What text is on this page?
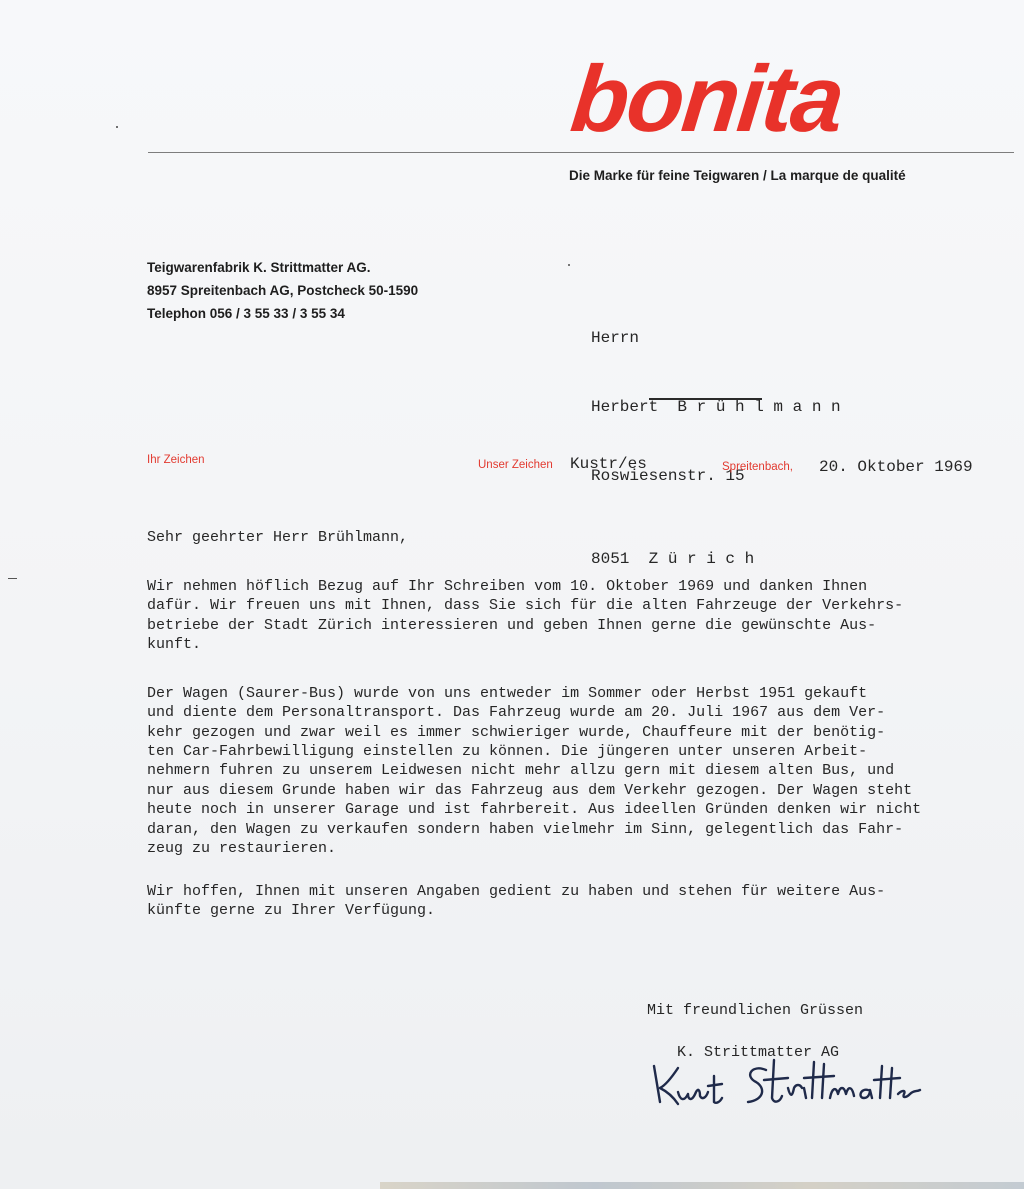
bonita
Die Marke für feine Teigwaren / La marque de qualité
Teigwarenfabrik K. Strittmatter AG.
8957 Spreitenbach AG, Postcheck 50-1590
Telephon 056 / 3 55 33 / 3 55 34

Herrn

Herbert  B r ü h l m a n n

Roswiesenstr. 15

8051  Z ü r i c h

Ihr Zeichen	Unser Zeichen Kustr/es	Spreitenbach, 20. Oktober 1969

Sehr geehrter Herr Brühlmann,

Wir nehmen höflich Bezug auf Ihr Schreiben vom 10. Oktober 1969 und danken Ihnen

dafür. Wir freuen uns mit Ihnen, dass Sie sich für die alten Fahrzeuge der Verkehrs-

betriebe der Stadt Zürich interessieren und geben Ihnen gerne die gewünschte Aus-

kunft.

Der Wagen (Saurer-Bus) wurde von uns entweder im Sommer oder Herbst 1951 gekauft

und diente dem Personaltransport. Das Fahrzeug wurde am 20. Juli 1967 aus dem Ver-

kehr gezogen und zwar weil es immer schwieriger wurde, Chauffeure mit der benötig-

ten Car-Fahrbewilligung einstellen zu können. Die jüngeren unter unseren Arbeit-

nehmern fuhren zu unserem Leidwesen nicht mehr allzu gern mit diesem alten Bus, und

nur aus diesem Grunde haben wir das Fahrzeug aus dem Verkehr gezogen. Der Wagen steht

heute noch in unserer Garage und ist fahrbereit. Aus ideellen Gründen denken wir nicht

daran, den Wagen zu verkaufen sondern haben vielmehr im Sinn, gelegentlich das Fahr-

zeug zu restaurieren.

Wir hoffen, Ihnen mit unseren Angaben gedient zu haben und stehen für weitere Aus-

künfte gerne zu Ihrer Verfügung.

Mit freundlichen Grüssen
K. Strittmatter AG
